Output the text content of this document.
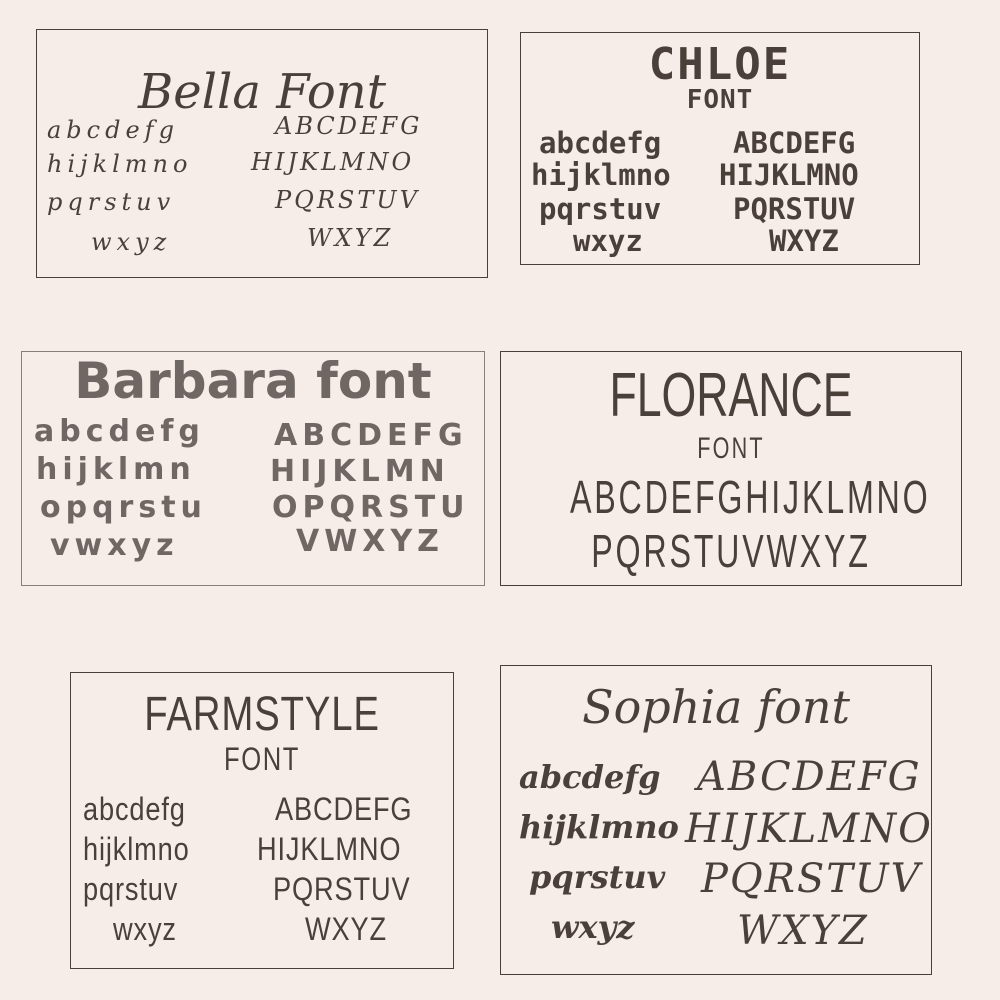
Bella Font
abcdefg
hijklmno
pqrstuv
wxyz
ABCDEFG
HIJKLMNO
PQRSTUV
WXYZ
CHLOE
FONT
abcdefg
hijklmno
pqrstuv
wxyz
ABCDEFG
HIJKLMNO
PQRSTUV
WXYZ
Barbara font
abcdefg
hijklmn
opqrstu
vwxyz
ABCDEFG
HIJKLMN
OPQRSTU
VWXYZ
FLORANCE
FONT
ABCDEFGHIJKLMNO
PQRSTUVWXYZ
FARMSTYLE
FONT
abcdefg
hijklmno
pqrstuv
wxyz
ABCDEFG
HIJKLMNO
PQRSTUV
WXYZ
Sophia font
abcdefg
hijklmno
pqrstuv
wxyz
ABCDEFG
HIJKLMNO
PQRSTUV
WXYZ
